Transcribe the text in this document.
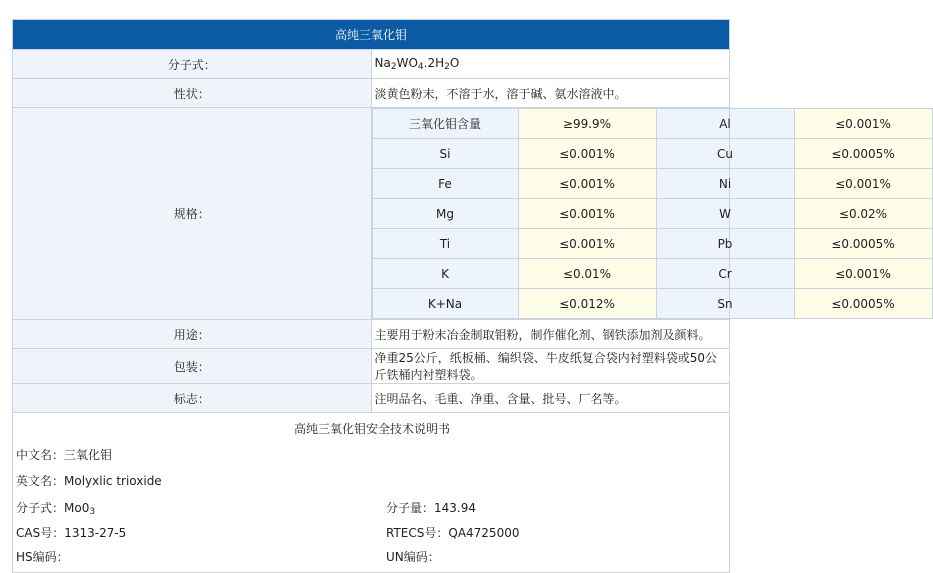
高纯三氧化钼
分子式：	$Na_2WO_4.2H_2O$
性状：	淡黄色粉末，不溶于水，溶于碱、氨水溶液中。
规格：	
三氧化钼含量	≥99.9%	Al	≤0.001%
Si	≤0.001%	Cu	≤0.0005%
Fe	≤0.001%	Ni	≤0.001%
Mg	≤0.001%	W	≤0.02%
Ti	≤0.001%	Pb	≤0.0005%
K	≤0.01%	Cr	≤0.001%
K+Na	≤0.012%	Sn	≤0.0005%

用途：	主要用于粉末冶金制取钼粉，制作催化剂、钢铁添加剂及颜料。
包装：	净重25公斤，纸板桶、编织袋、牛皮纸复合袋内衬塑料袋或50公斤铁桶内衬塑料袋。
标志：	注明品名、毛重、净重、含量、批号、厂名等。

高纯三氧化钼安全技术说明书
中文名：三氧化钼
英文名：Molyxlic trioxide
分子式：$Mo0_3$	分子量：143.94
CAS号：1313-27-5	RTECS号：QA4725000
HS编码：	UN编码：
